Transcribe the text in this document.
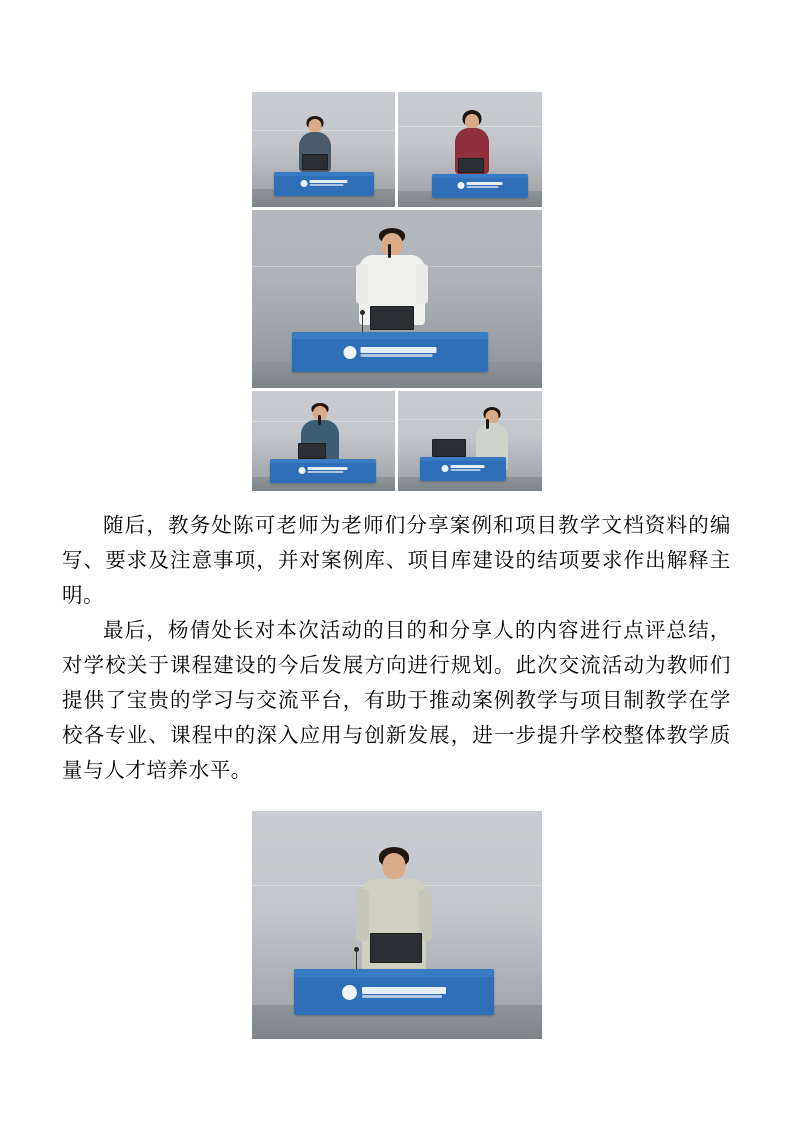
随后，教务处陈可老师为老师们分享案例和项目教学文档资料的编写、要求及注意事项，并对案例库、项目库建设的结项要求作出解释主明。

最后，杨倩处长对本次活动的目的和分享人的内容进行点评总结，对学校关于课程建设的今后发展方向进行规划。此次交流活动为教师们提供了宝贵的学习与交流平台，有助于推动案例教学与项目制教学在学校各专业、课程中的深入应用与创新发展，进一步提升学校整体教学质量与人才培养水平。
